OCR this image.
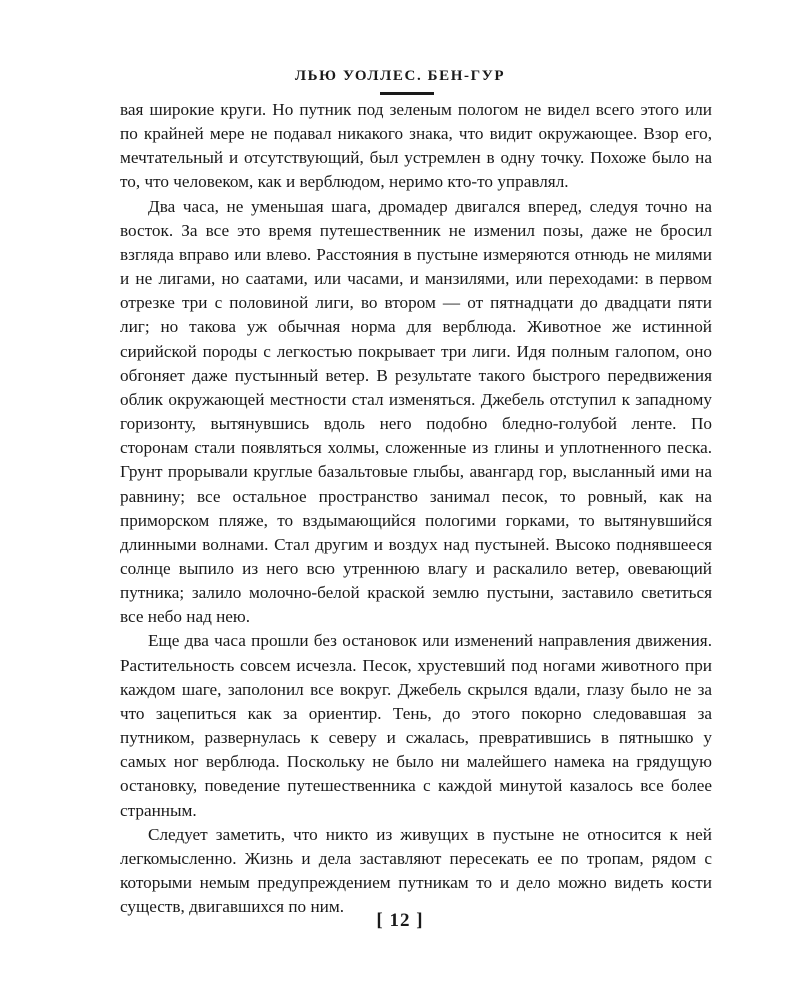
ЛЬЮ УОЛЛЕС. БЕН-ГУР

вая широкие круги. Но путник под зеленым пологом не видел всего этого или по крайней мере не подавал никакого знака, что видит окружающее. Взор его, мечтательный и отсутствующий, был устремлен в одну точку. Похоже было на то, что человеком, как и верблюдом, неримо кто-то управлял.

Два часа, не уменьшая шага, дромадер двигался вперед, следуя точно на восток. За все это время путешественник не изменил позы, даже не бросил взгляда вправо или влево. Расстояния в пустыне измеряются отнюдь не милями и не лигами, но саатами, или часами, и манзилями, или переходами: в первом отрезке три с половиной лиги, во втором — от пятнадцати до двадцати пяти лиг; но такова уж обычная норма для верблюда. Животное же истинной сирийской породы с легкостью покрывает три лиги. Идя полным галопом, оно обгоняет даже пустынный ветер. В результате такого быстрого передвижения облик окружающей местности стал изменяться. Джебель отступил к западному горизонту, вытянувшись вдоль него подобно бледно-голубой ленте. По сторонам стали появляться холмы, сложенные из глины и уплотненного песка. Грунт прорывали круглые базальтовые глыбы, авангард гор, высланный ими на равнину; все остальное пространство занимал песок, то ровный, как на приморском пляже, то вздымающийся пологими горками, то вытянувшийся длинными волнами. Стал другим и воздух над пустыней. Высоко поднявшееся солнце выпило из него всю утреннюю влагу и раскалило ветер, овевающий путника; залило молочно-белой краской землю пустыни, заставило светиться все небо над нею.

Еще два часа прошли без остановок или изменений направления движения. Растительность совсем исчезла. Песок, хрустевший под ногами животного при каждом шаге, заполонил все вокруг. Джебель скрылся вдали, глазу было не за что зацепиться как за ориентир. Тень, до этого покорно следовавшая за путником, развернулась к северу и сжалась, превратившись в пятнышко у самых ног верблюда. Поскольку не было ни малейшего намека на грядущую остановку, поведение путешественника с каждой минутой казалось все более странным.

Следует заметить, что никто из живущих в пустыне не относится к ней легкомысленно. Жизнь и дела заставляют пересекать ее по тропам, рядом с которыми немым предупреждением путникам то и дело можно видеть кости существ, двигавшихся по ним.

[ 12 ]
